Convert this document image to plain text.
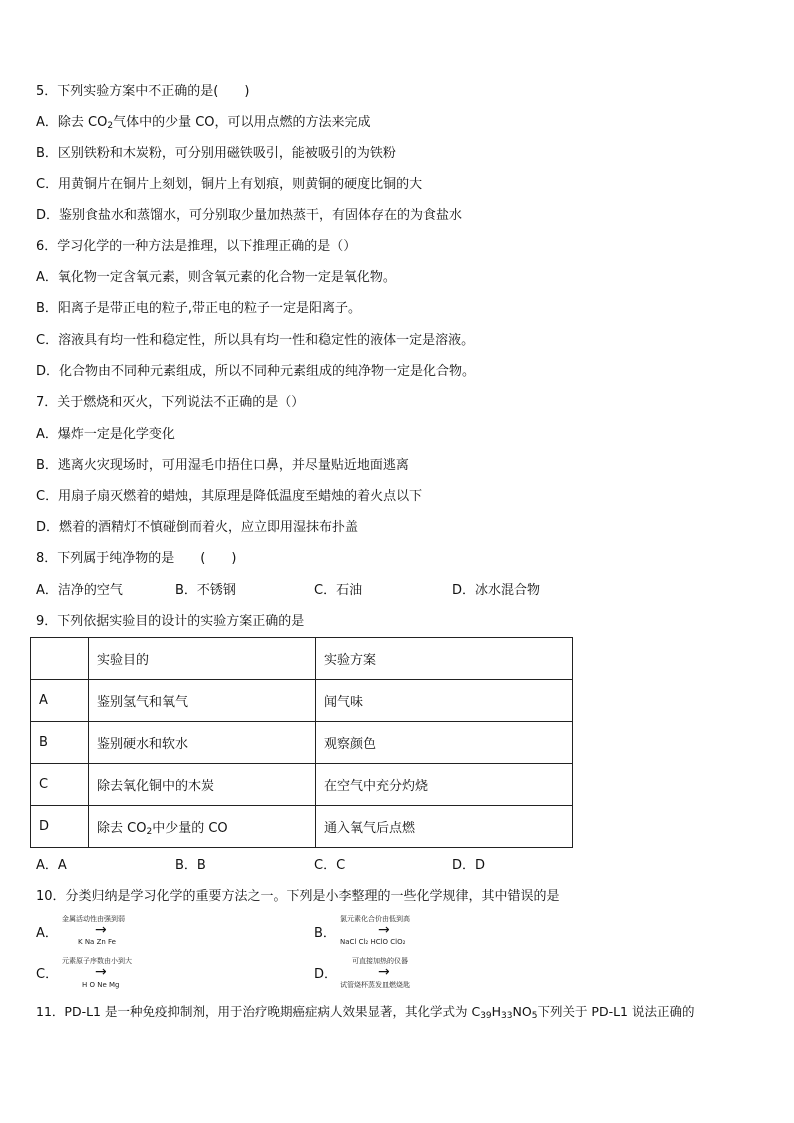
5．下列实验方案中不正确的是(　　)
A．除去 $CO_2$气体中的少量 CO，可以用点燃的方法来完成
B．区别铁粉和木炭粉，可分别用磁铁吸引，能被吸引的为铁粉
C．用黄铜片在铜片上刻划，铜片上有划痕，则黄铜的硬度比铜的大
D．鉴别食盐水和蒸馏水，可分别取少量加热蒸干，有固体存在的为食盐水
6．学习化学的一种方法是推理，以下推理正确的是（）
A．氧化物一定含氧元素，则含氧元素的化合物一定是氧化物。
B．阳离子是带正电的粒子,带正电的粒子一定是阳离子。
C．溶液具有均一性和稳定性，所以具有均一性和稳定性的液体一定是溶液。
D．化合物由不同种元素组成，所以不同种元素组成的纯净物一定是化合物。
7．关于燃烧和灭火，下列说法不正确的是（）
A．爆炸一定是化学变化
B．逃离火灾现场时，可用湿毛巾捂住口鼻，并尽量贴近地面逃离
C．用扇子扇灭燃着的蜡烛，其原理是降低温度至蜡烛的着火点以下
D．燃着的酒精灯不慎碰倒而着火，应立即用湿抹布扑盖
8．下列属于纯净物的是　　(　　)
A．洁净的空气	B．不锈钢	C．石油	D．冰水混合物
9．下列依据实验目的设计的实验方案正确的是
	实验目的	实验方案
A	鉴别氢气和氧气	闻气味
B	鉴别硬水和软水	观察颜色
C	除去氧化铜中的木炭	在空气中充分灼烧
D	除去 $CO_2$中少量的 CO	通入氧气后点燃
A．A	B．B	C．C	D．D
10．分类归纳是学习化学的重要方法之一。下列是小李整理的一些化学规律，其中错误的是
A．
金属活动性由强到弱
→
K Na Zn Fe
B．
氯元素化合价由低到高
→
NaCl Cl₂ HClO ClO₂
C．
元素原子序数由小到大
→
H O Ne Mg
D．
可直接加热的仪器
→
试管烧杯蒸发皿燃烧匙
11．PD-L1 是一种免疫抑制剂，用于治疗晚期癌症病人效果显著，其化学式为 $C_{39}H_{33}NO_5$下列关于 PD-L1 说法正确的
